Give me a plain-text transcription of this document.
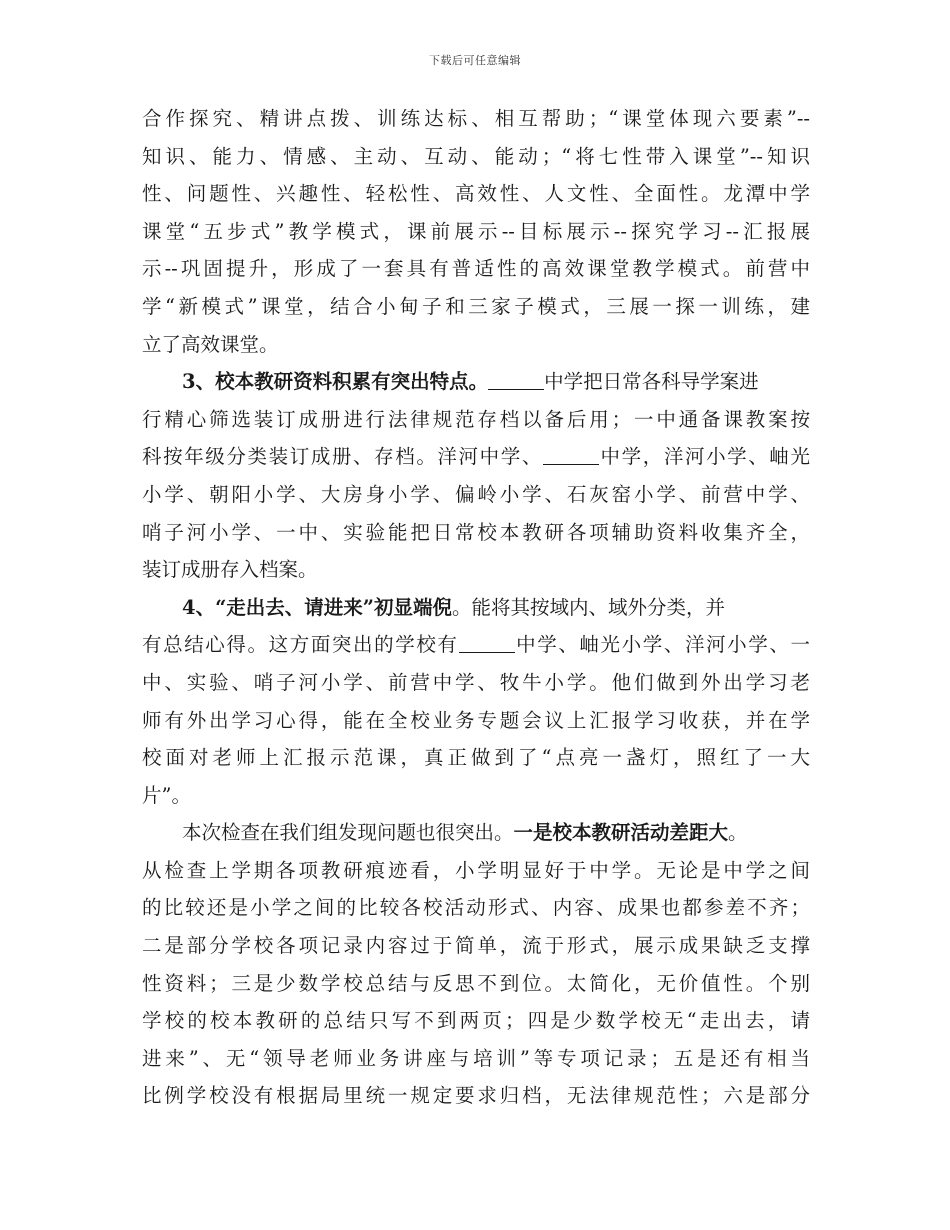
下载后可任意编辑
合作探究、精讲点拨、训练达标、相互帮助；“课堂体现六要素”--
知识、能力、情感、主动、互动、能动；“将七性带入课堂”--知识
性、问题性、兴趣性、轻松性、高效性、人文性、全面性。龙潭中学
课堂“五步式”教学模式，课前展示--目标展示--探究学习--汇报展
示--巩固提升，形成了一套具有普适性的高效课堂教学模式。前营中
学“新模式”课堂，结合小甸子和三家子模式，三展一探一训练，建
立了高效课堂。
3、校本教研资料积累有突出特点。	中学把日常各科导学案进
行精心筛选装订成册进行法律规范存档以备后用；一中通备课教案按
科按年级分类装订成册、存档。洋河中学、	中学，洋河小学、岫光
小学、朝阳小学、大房身小学、偏岭小学、石灰窑小学、前营中学、
哨子河小学、一中、实验能把日常校本教研各项辅助资料收集齐全，
装订成册存入档案。
4、“走出去、请进来”初显端倪。能将其按域内、域外分类，并
有总结心得。这方面突出的学校有	中学、岫光小学、洋河小学、一
中、实验、哨子河小学、前营中学、牧牛小学。他们做到外出学习老
师有外出学习心得，能在全校业务专题会议上汇报学习收获，并在学
校面对老师上汇报示范课，真正做到了“点亮一盏灯，照红了一大
片”。
本次检查在我们组发现问题也很突出。一是校本教研活动差距大。
从检查上学期各项教研痕迹看，小学明显好于中学。无论是中学之间
的比较还是小学之间的比较各校活动形式、内容、成果也都参差不齐；
二是部分学校各项记录内容过于简单，流于形式，展示成果缺乏支撑
性资料；三是少数学校总结与反思不到位。太简化，无价值性。个别
学校的校本教研的总结只写不到两页；四是少数学校无“走出去，请
进来”、无“领导老师业务讲座与培训”等专项记录；五是还有相当
比例学校没有根据局里统一规定要求归档，无法律规范性；六是部分
